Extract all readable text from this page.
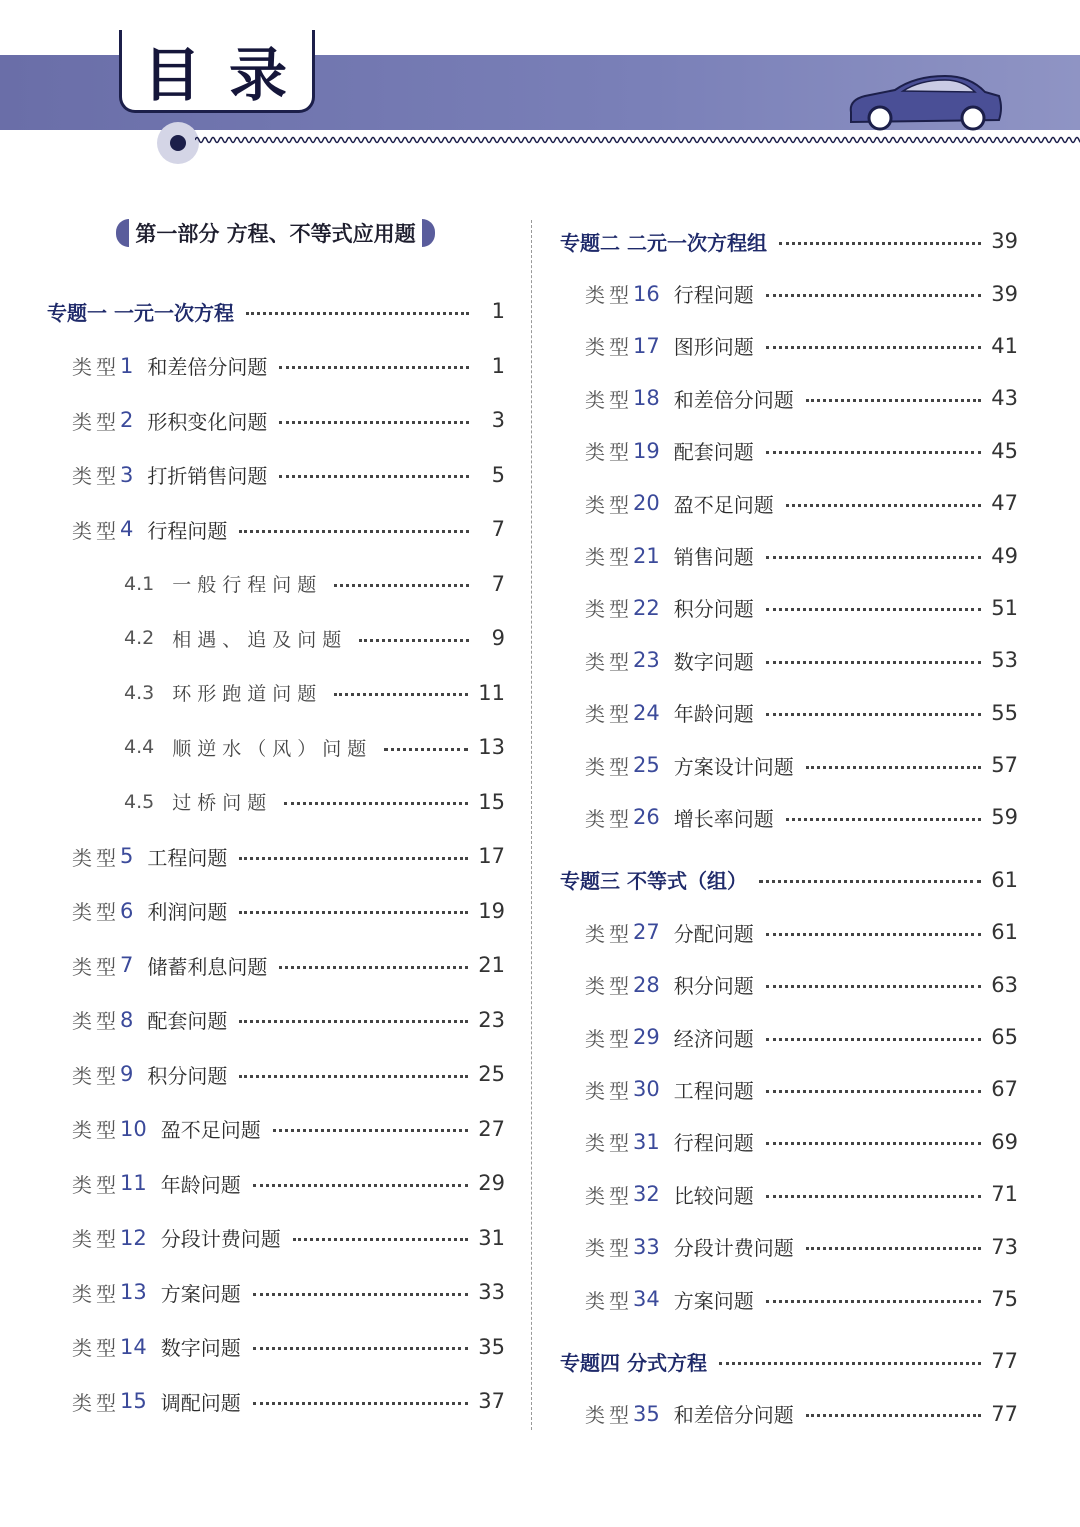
目 录
第一部分 方程、不等式应用题
专题一 一元一次方程	1
类型 1 和差倍分问题	1
类型 2 形积变化问题	3
类型 3 打折销售问题	5
类型 4 行程问题	7
4.1 一般行程问题	7
4.2 相遇、追及问题	9
4.3 环形跑道问题	11
4.4 顺逆水（风）问题	13
4.5 过桥问题	15
类型 5 工程问题	17
类型 6 利润问题	19
类型 7 储蓄利息问题	21
类型 8 配套问题	23
类型 9 积分问题	25
类型 10 盈不足问题	27
类型 11 年龄问题	29
类型 12 分段计费问题	31
类型 13 方案问题	33
类型 14 数字问题	35
类型 15 调配问题	37
专题二 二元一次方程组	39
类型 16 行程问题	39
类型 17 图形问题	41
类型 18 和差倍分问题	43
类型 19 配套问题	45
类型 20 盈不足问题	47
类型 21 销售问题	49
类型 22 积分问题	51
类型 23 数字问题	53
类型 24 年龄问题	55
类型 25 方案设计问题	57
类型 26 增长率问题	59
专题三 不等式（组）	61
类型 27 分配问题	61
类型 28 积分问题	63
类型 29 经济问题	65
类型 30 工程问题	67
类型 31 行程问题	69
类型 32 比较问题	71
类型 33 分段计费问题	73
类型 34 方案问题	75
专题四 分式方程	77
类型 35 和差倍分问题	77
